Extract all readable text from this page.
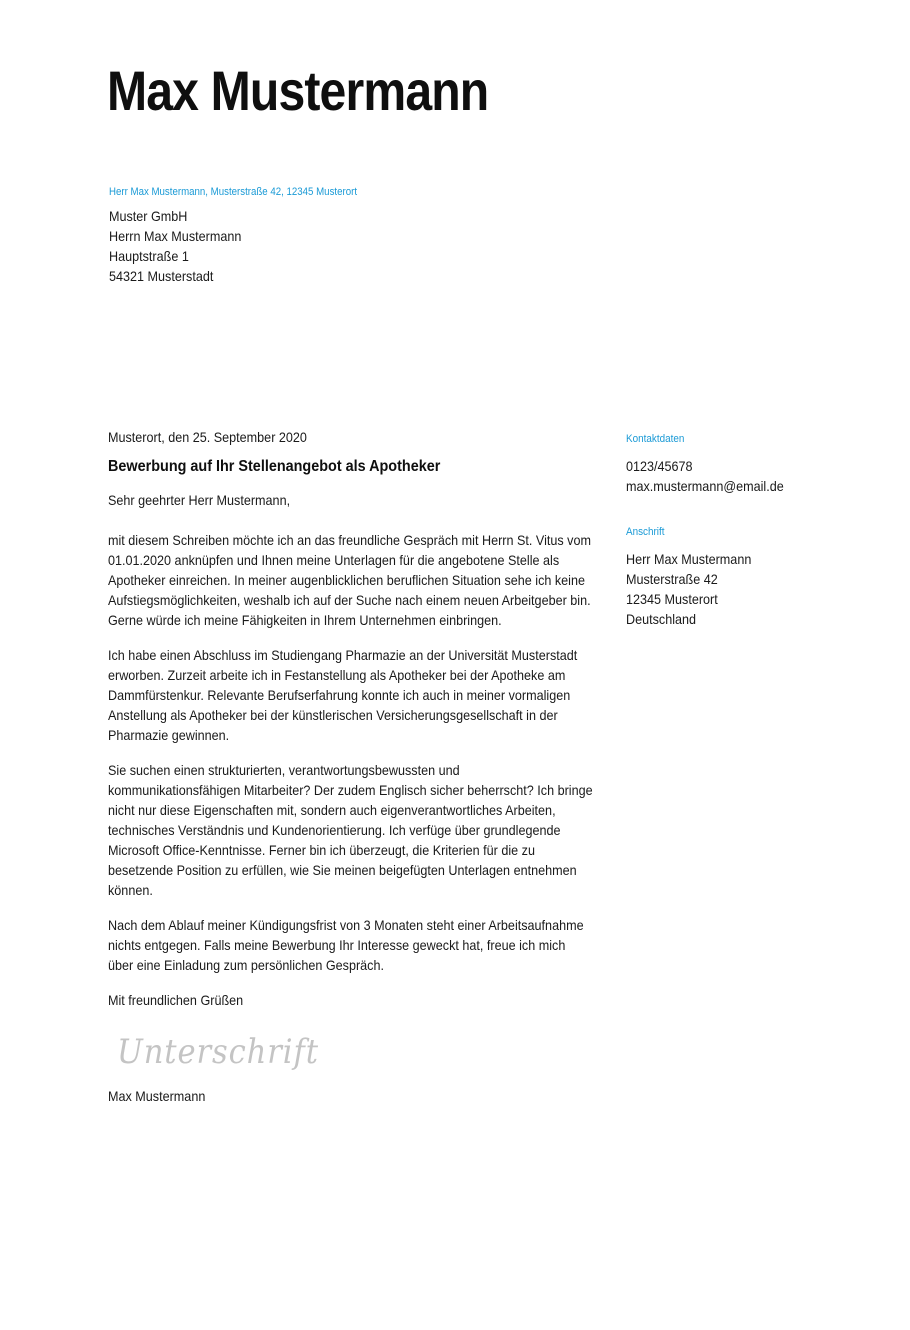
Max Mustermann
Herr Max Mustermann, Musterstraße 42, 12345 Musterort
Muster GmbH
Herrn Max Mustermann
Hauptstraße 1
54321 Musterstadt
Musterort, den 25. September 2020
Bewerbung auf Ihr Stellenangebot als Apotheker
Sehr geehrter Herr Mustermann,
mit diesem Schreiben möchte ich an das freundliche Gespräch mit Herrn St. Vitus vom 01.01.2020 anknüpfen und Ihnen meine Unterlagen für die angebotene Stelle als Apotheker einreichen. In meiner augenblicklichen beruflichen Situation sehe ich keine Aufstiegsmöglichkeiten, weshalb ich auf der Suche nach einem neuen Arbeitgeber bin. Gerne würde ich meine Fähigkeiten in Ihrem Unternehmen einbringen.
Ich habe einen Abschluss im Studiengang Pharmazie an der Universität Musterstadt erworben. Zurzeit arbeite ich in Festanstellung als Apotheker bei der Apotheke am Dammfürstenkur. Relevante Berufserfahrung konnte ich auch in meiner vormaligen Anstellung als Apotheker bei der künstlerischen Versicherungsgesellschaft in der Pharmazie gewinnen.
Sie suchen einen strukturierten, verantwortungsbewussten und kommunikationsfähigen Mitarbeiter? Der zudem Englisch sicher beherrscht? Ich bringe nicht nur diese Eigenschaften mit, sondern auch eigenverantwortliches Arbeiten, technisches Verständnis und Kundenorientierung. Ich verfüge über grundlegende Microsoft Office-Kenntnisse. Ferner bin ich überzeugt, die Kriterien für die zu besetzende Position zu erfüllen, wie Sie meinen beigefügten Unterlagen entnehmen können.
Nach dem Ablauf meiner Kündigungsfrist von 3 Monaten steht einer Arbeitsaufnahme nichts entgegen. Falls meine Bewerbung Ihr Interesse geweckt hat, freue ich mich über eine Einladung zum persönlichen Gespräch.
Mit freundlichen Grüßen
Unterschrift
Max Mustermann
Kontaktdaten
0123/45678
max.mustermann@email.de
Anschrift
Herr Max Mustermann
Musterstraße 42
12345 Musterort
Deutschland
